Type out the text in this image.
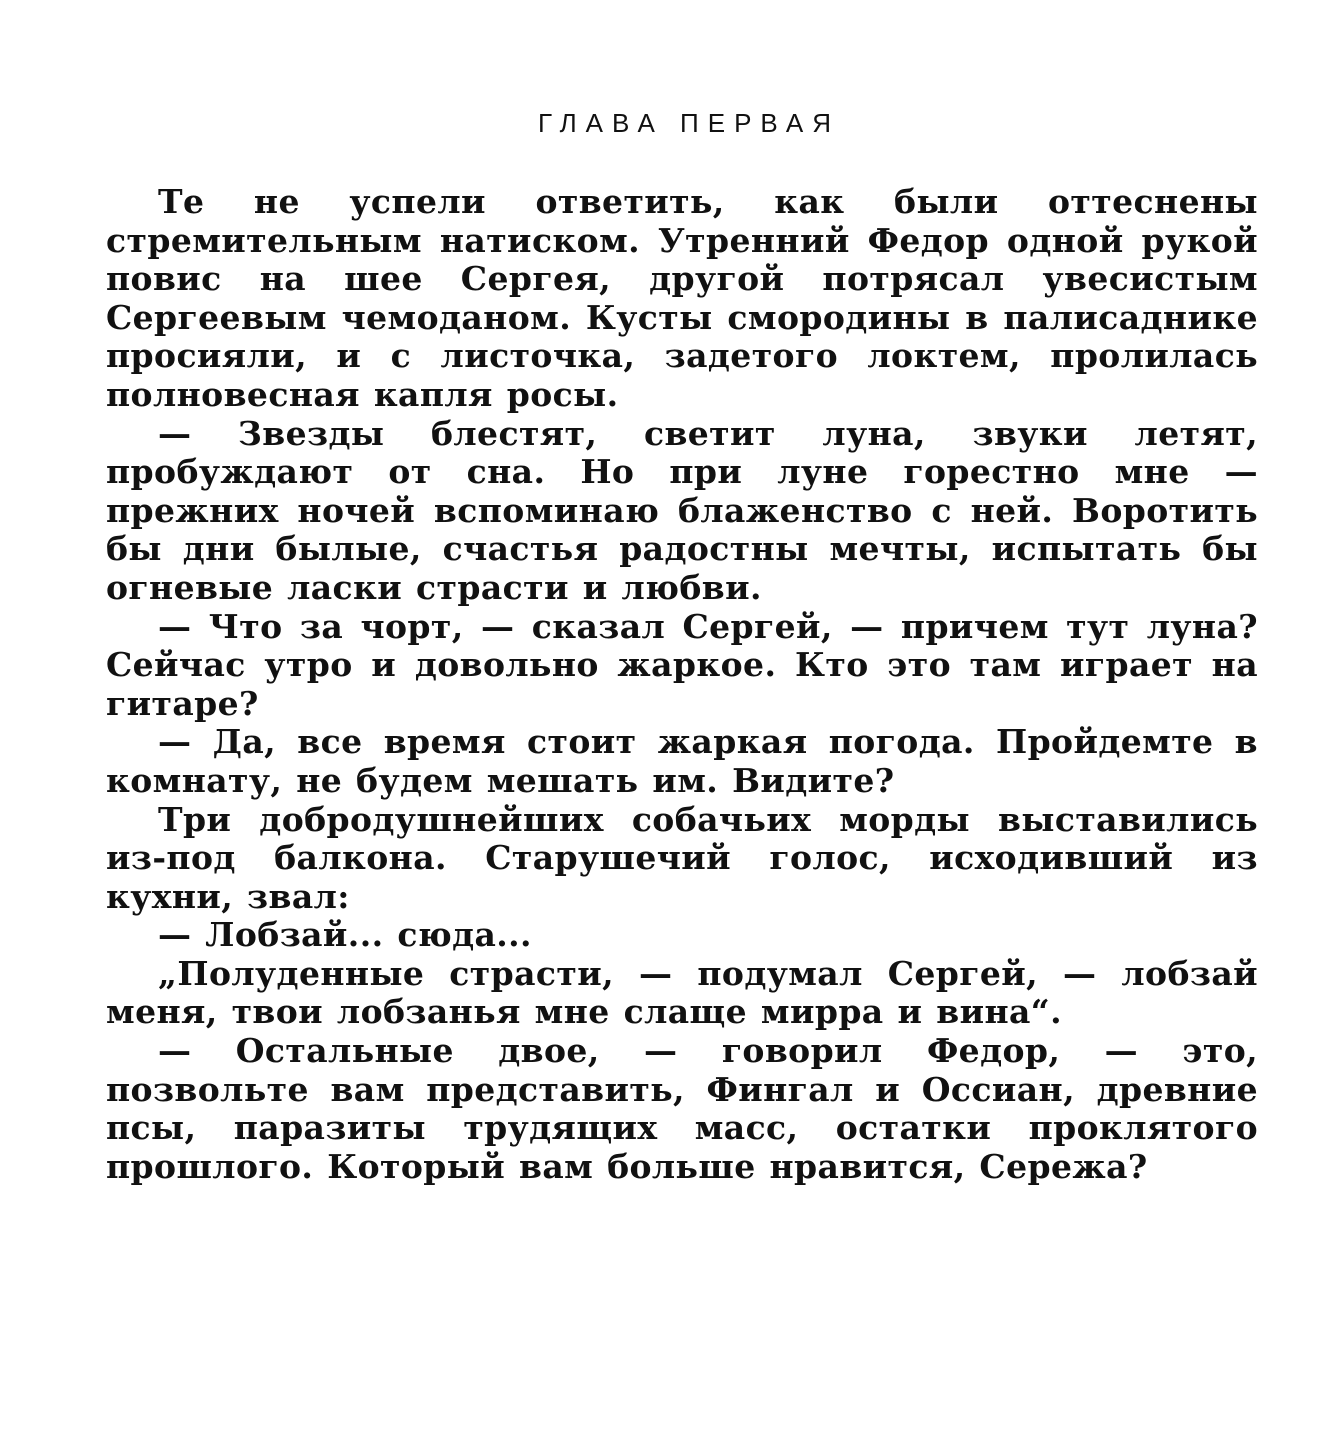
ГЛАВА ПЕРВАЯ

Те не успели ответить, как были оттеснены стремительным натиском. Утренний Федор одной рукой повис на шее Сергея, другой потрясал увесистым Сергеевым чемоданом. Кусты смородины в палисаднике просияли, и с листочка, задетого локтем, пролилась полновесная капля росы.

— Звезды блестят, светит луна, звуки летят, пробуждают от сна. Но при луне горестно мне — прежних ночей вспоминаю блаженство с ней. Воротить бы дни былые, счастья радостны мечты, испытать бы огневые ласки страсти и любви.

— Что за чорт, — сказал Сергей, — причем тут луна? Сейчас утро и довольно жаркое. Кто это там играет на гитаре?

— Да, все время стоит жаркая погода. Пройдемте в комнату, не будем мешать им. Видите?

Три добродушнейших собачьих морды выставились из-под балкона. Старушечий голос, исходивший из кухни, звал:

— Лобзай... сюда...

„Полуденные страсти, — подумал Сергей, — лобзай меня, твои лобзанья мне слаще мирра и вина“.

— Остальные двое, — говорил Федор, — это, позвольте вам представить, Фингал и Оссиан, древние псы, паразиты трудящих масс, остатки проклятого прошлого. Который вам больше нравится, Сережа?
